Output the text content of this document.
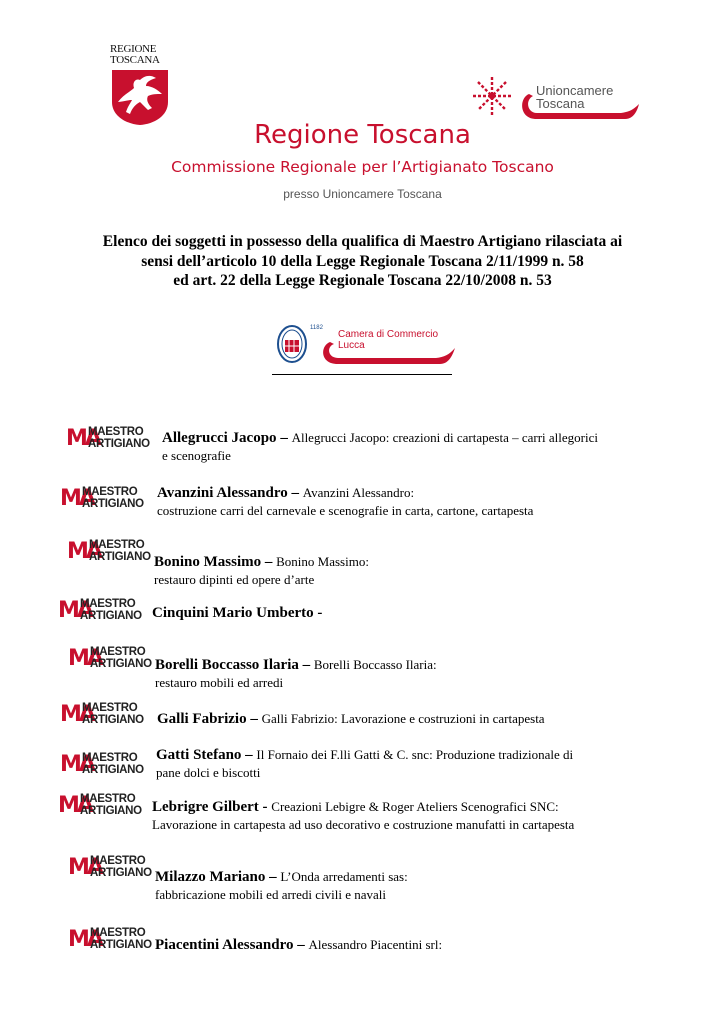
REGIONE
TOSCANA
Unioncamere
Toscana
Regione Toscana
Commissione Regionale per l’Artigianato Toscano
presso Unioncamere Toscana
Elenco dei soggetti in possesso della qualifica di Maestro Artigiano rilasciata ai
sensi dell’articolo 10 della Legge Regionale Toscana 2/11/1999 n. 58
ed art. 22 della Legge Regionale Toscana 22/10/2008 n. 53
1182
Camera di Commercio
Lucca
MA
MAESTRO
ARTIGIANO Allegrucci Jacopo – Allegrucci Jacopo: creazioni di cartapesta – carri allegorici
e scenografie
MA
MAESTRO
ARTIGIANO
Avanzini Alessandro – Avanzini Alessandro:
costruzione carri del carnevale e scenografie in carta, cartone, cartapesta
MA
MAESTRO
ARTIGIANO Bonino Massimo – Bonino Massimo:
restauro dipinti ed opere d’arte
MA
MAESTRO
ARTIGIANO Cinquini Mario Umberto -
MA
MAESTRO
ARTIGIANO Borelli Boccasso Ilaria – Borelli Boccasso Ilaria:
restauro mobili ed arredi
MA
MAESTRO
ARTIGIANO Galli Fabrizio – Galli Fabrizio: Lavorazione e costruzioni in cartapesta
MA
MAESTRO
ARTIGIANO
Gatti Stefano – Il Fornaio dei F.lli Gatti & C. snc: Produzione tradizionale di
pane dolci e biscotti
MA
MAESTRO
ARTIGIANO Lebrigre Gilbert - Creazioni Lebigre & Roger Ateliers Scenografici SNC:
Lavorazione in cartapesta ad uso decorativo e costruzione manufatti in cartapesta
MA
MAESTRO
ARTIGIANO Milazzo Mariano – L’Onda arredamenti sas:
fabbricazione mobili ed arredi civili e navali
MA
MAESTRO
ARTIGIANO Piacentini Alessandro – Alessandro Piacentini srl:
